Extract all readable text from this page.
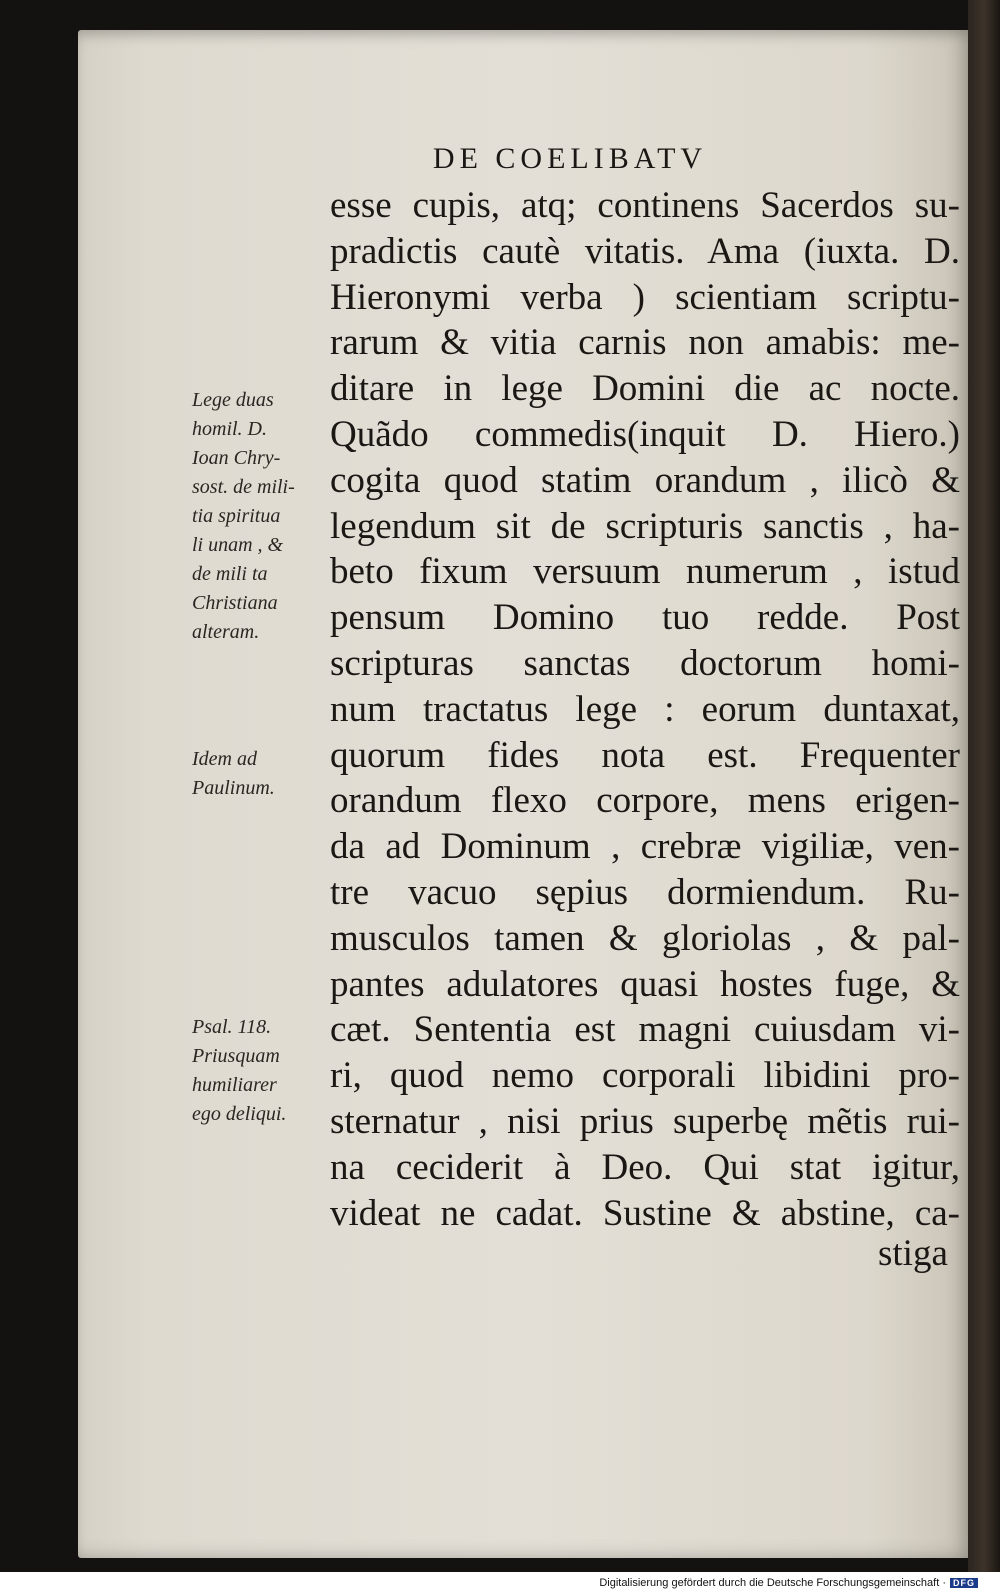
DE COELIBATV
esse cupis, atq; continens Sacerdos su-
pradictis cautè vitatis. Ama (iuxta. D.
Hieronymi verba ) scientiam scriptu-
rarum & vitia carnis non amabis: me-
ditare in lege Domini die ac nocte.
Quãdo commedis(inquit D. Hiero.)
cogita quod statim orandum , ilicò &
legendum sit de scripturis sanctis , ha-
beto fixum versuum numerum , istud
pensum Domino tuo redde. Post
scripturas sanctas doctorum homi-
num tractatus lege : eorum duntaxat,
quorum fides nota est. Frequenter
orandum flexo corpore, mens erigen-
da ad Dominum , crebræ vigiliæ, ven-
tre vacuo sępius dormiendum. Ru-
musculos tamen & gloriolas , & pal-
pantes adulatores quasi hostes fuge, &
cæt. Sententia est magni cuiusdam vi-
ri, quod nemo corporali libidini pro-
sternatur , nisi prius superbę mẽtis rui-
na ceciderit à Deo. Qui stat igitur,
videat ne cadat. Sustine & abstine, ca-
stiga
Lege duas
homil. D.
Ioan Chry-
sost. de mili-
tia spiritua
li unam , &
de mili ta
Christiana
alteram.
Idem ad
Paulinum.
Psal. 118.
Priusquam
humiliarer
ego deliqui.
Digitalisierung gefördert durch die Deutsche Forschungsgemeinschaft · DFG
